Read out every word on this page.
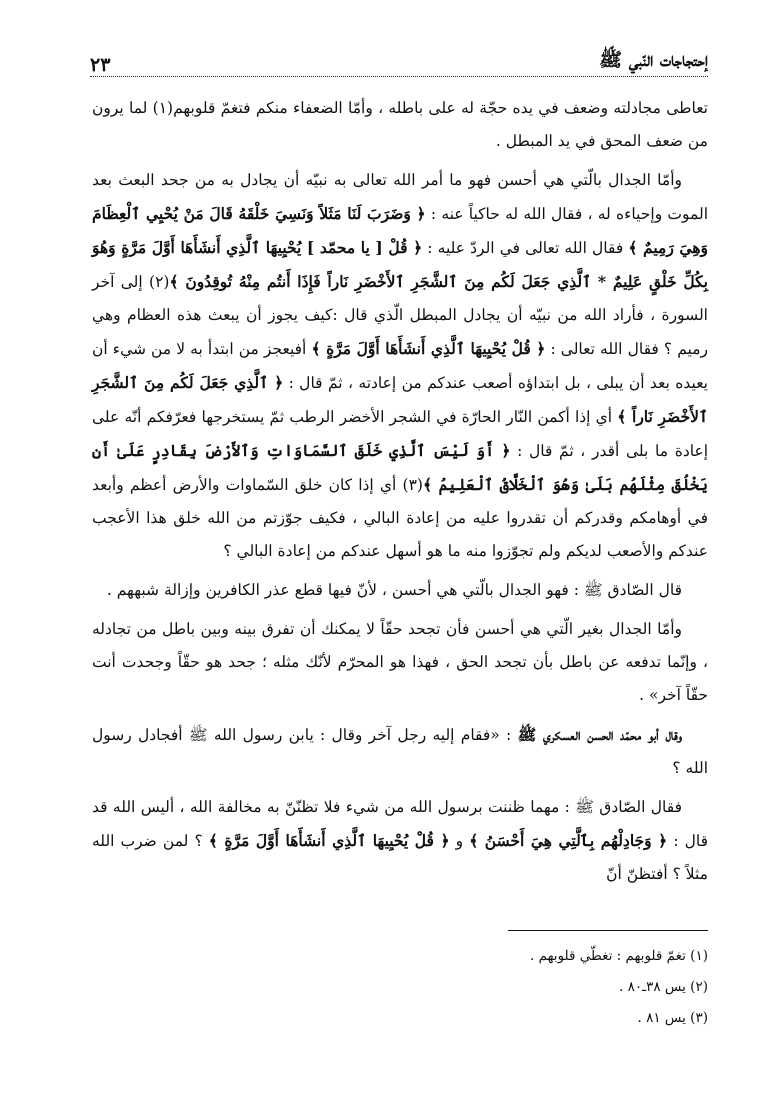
إحتجاجات النّبي ﷺ
٢٣

تعاطى مجادلته وضعف في يده حجّة له على باطله ، وأمّا الضعفاء منكم فتغمّ قلوبهم(١) لما يرون من ضعف المحق في يد المبطل .

وأمّا الجدال بالّتي هي أحسن فهو ما أمر الله تعالى به نبيّه أن يجادل به من جحد البعث بعد الموت وإحياءه له ، فقال الله له حاكياً عنه : ﴿ وَضَرَبَ لَنَا مَثَلاً وَنَسِيَ خَلْقَهُ قَالَ مَنْ يُحْيِي ٱلْعِظَامَ وَهِيَ رَمِيمٌ ﴾ فقال الله تعالى في الردّ عليه : ﴿ قُلْ [ يا محمّد ] يُحْيِيهَا ٱلَّذِي أَنشَأَهَا أَوَّلَ مَرَّةٍ وَهُوَ بِكُلِّ خَلْقٍ عَلِيمٌ * ٱلَّذِي جَعَلَ لَكُم مِنَ ٱلشَّجَرِ ٱلأَخْضَرِ نَاراً فَإِذَا أَنتُم مِنْهُ تُوقِدُونَ ﴾(٢) إلى آخر السورة ، فأراد الله من نبيّه أن يجادل المبطل الّذي قال :كيف يجوز أن يبعث هذه العظام وهي رميم ؟ فقال الله تعالى : ﴿ قُلْ يُحْيِيهَا ٱلَّذِي أَنشَأَهَا أَوَّلَ مَرَّةٍ ﴾ أفيعجز من ابتدأ به لا من شيء أن يعيده بعد أن يبلى ، بل ابتداؤه أصعب عندكم من إعادته ، ثمّ قال : ﴿ ٱلَّذِي جَعَلَ لَكُم مِنَ ٱلشَّجَرِ ٱلأَخْضَرِ نَاراً ﴾ أي إذا أكمن النّار الحارّة في الشجر الأخضر الرطب ثمّ يستخرجها فعرّفكم أنّه على إعادة ما بلى أقدر ، ثمّ قال : ﴿ أَوَ لَيْسَ ٱلَّذِي خَلَقَ ٱلسَّمَاوَاتِ وَٱلأَرْضَ بِقَادِرٍ عَلَىٰ أَن يَخْلُقَ مِثْلَهُم بَلَىٰ وَهُوَ ٱلْخَلَّاقُ ٱلْعَلِيمُ ﴾(٣) أي إذا كان خلق السّماوات والأرض أعظم وأبعد في أوهامكم وقدركم أن تقدروا عليه من إعادة البالي ، فكيف جوّزتم من الله خلق هذا الأعجب عندكم والأصعب لديكم ولم تجوّزوا منه ما هو أسهل عندكم من إعادة البالي ؟

قال الصّادق ﷺ : فهو الجدال بالّتي هي أحسن ، لأنّ فيها قطع عذر الكافرين وإزالة شبههم .

وأمّا الجدال بغير الّتي هي أحسن فأن تجحد حقّاً لا يمكنك أن تفرق بينه وبين باطل من تجادله ، وإنّما تدفعه عن باطل بأن تجحد الحق ، فهذا هو المحرّم لأنّك مثله ؛ جحد هو حقّاً وجحدت أنت حقّاً آخر» .

وقال أبو محمّد الحسن العسكري ﷺ : «فقام إليه رجل آخر وقال : يابن رسول الله ﷺ أفجادل رسول الله ؟

فقال الصّادق ﷺ : مهما ظننت برسول الله من شيء فلا تظنّنّ به مخالفة الله ، أليس الله قد قال : ﴿ وَجَادِلْهُم بِٱلَّتِي هِيَ أَحْسَنُ ﴾ و ﴿ قُلْ يُحْيِيهَا ٱلَّذِي أَنشَأَهَا أَوَّلَ مَرَّةٍ ﴾ ؟ لمن ضرب الله مثلاً ؟ أفتظنّ أنّ

(١) تغمّ قلوبهم : تغطّي قلوبهم .

(٢) يس ٣٨ـ٨٠ .

(٣) يس ٨١ .
